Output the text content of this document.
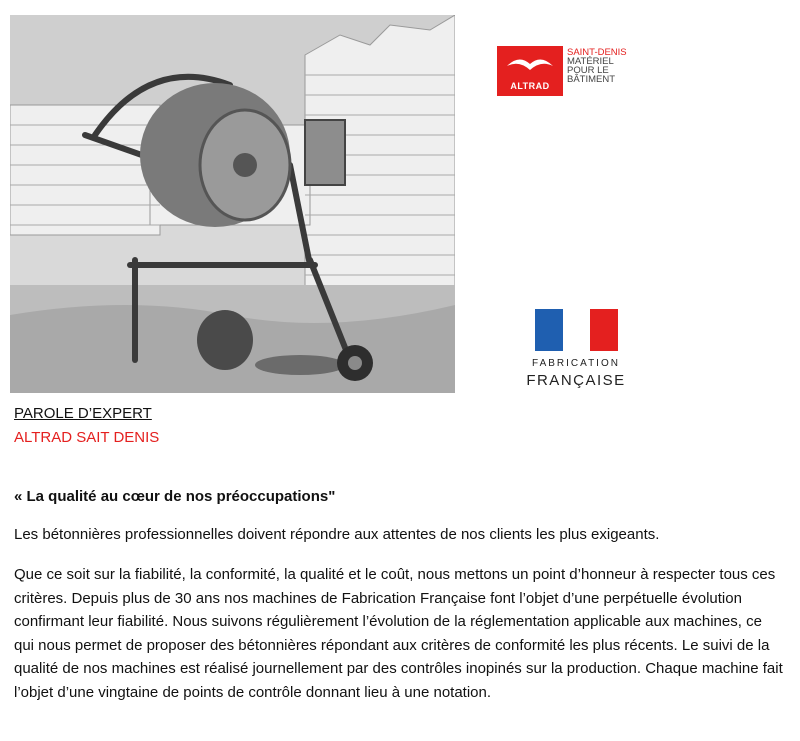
ALTRAD
SAINT-DENIS
MATÉRIEL
POUR LE
BÂTIMENT
FABRICATION
FRANÇAISE
PAROLE D’EXPERT
ALTRAD SAIT DENIS
« La qualité au cœur de nos préoccupations"
Les bétonnières professionnelles doivent répondre aux attentes de nos clients les plus exigeants.

Que ce soit sur la fiabilité, la conformité, la qualité et le coût, nous mettons un point d’honneur à respecter tous ces critères. Depuis plus de 30 ans nos machines de Fabrication Française font l’objet d’une perpétuelle évolution confirmant leur fiabilité. Nous suivons régulièrement l’évolution de la réglementation applicable aux machines, ce qui nous permet de proposer des bétonnières répondant aux critères de conformité les plus récents. Le suivi de la qualité de nos machines est réalisé journellement par des contrôles inopinés sur la production. Chaque machine fait l’objet d’une vingtaine de points de contrôle donnant lieu à une notation.
